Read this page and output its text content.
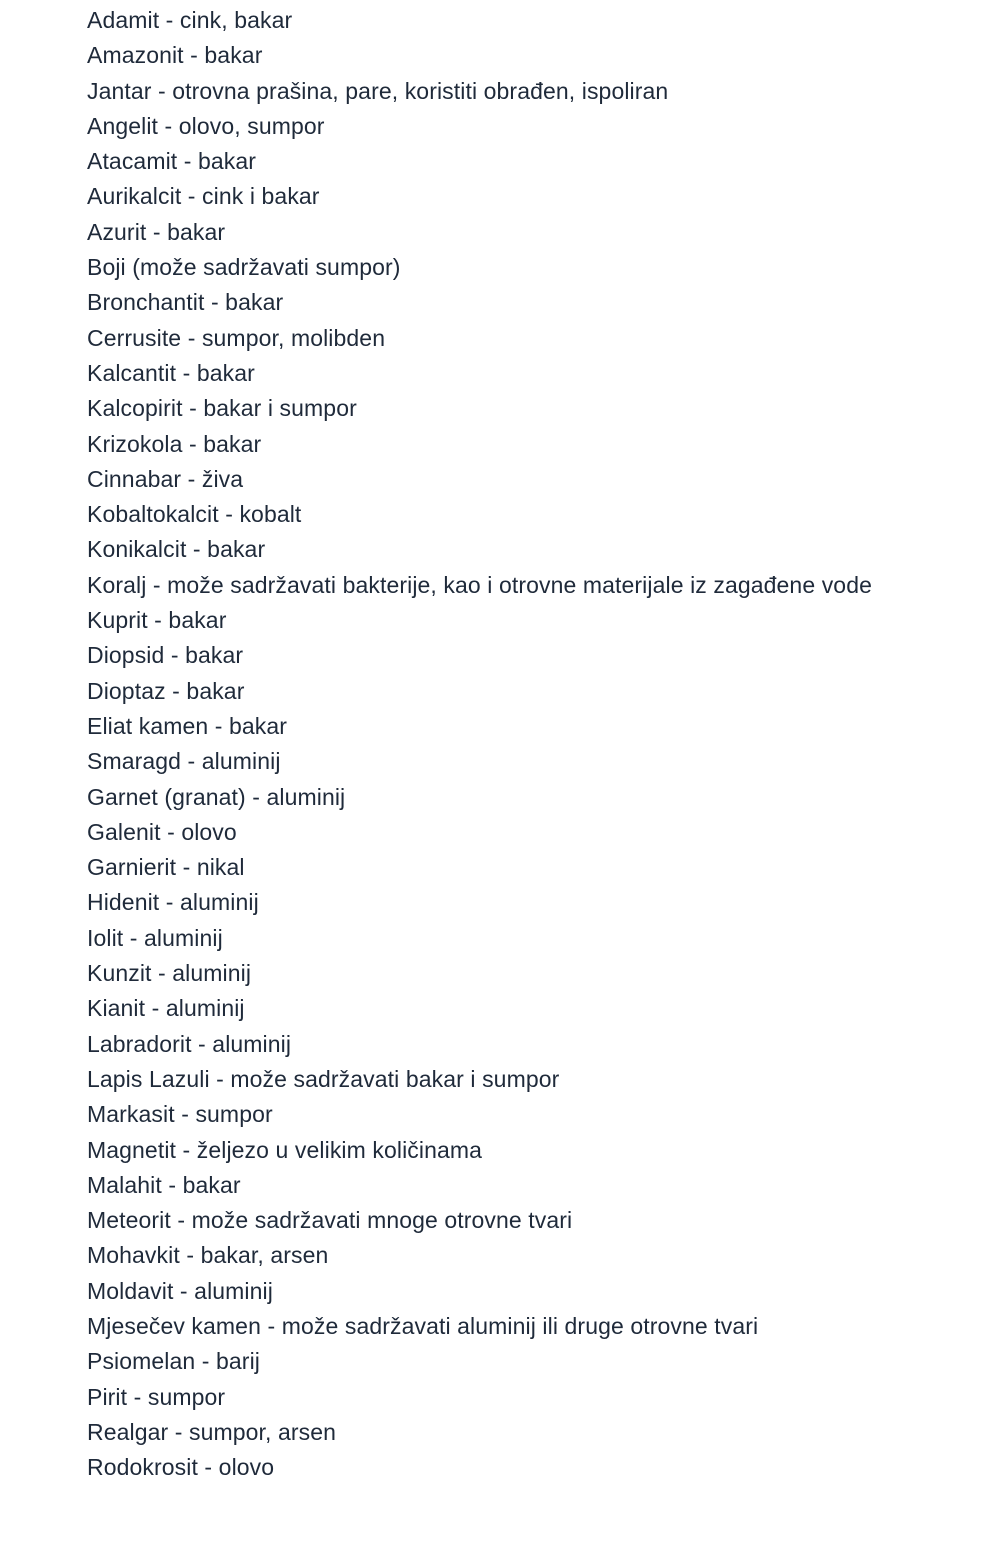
Adamit - cink, bakar
Amazonit - bakar
Jantar - otrovna prašina, pare, koristiti obrađen, ispoliran
Angelit - olovo, sumpor
Atacamit - bakar
Aurikalcit - cink i bakar
Azurit - bakar
Boji (može sadržavati sumpor)
Bronchantit - bakar
Cerrusite - sumpor, molibden
Kalcantit - bakar
Kalcopirit - bakar i sumpor
Krizokola - bakar
Cinnabar - živa
Kobaltokalcit - kobalt
Konikalcit - bakar
Koralj - može sadržavati bakterije, kao i otrovne materijale iz zagađene vode
Kuprit - bakar
Diopsid - bakar
Dioptaz - bakar
Eliat kamen - bakar
Smaragd - aluminij
Garnet (granat) - aluminij
Galenit - olovo
Garnierit - nikal
Hidenit - aluminij
Iolit - aluminij
Kunzit - aluminij
Kianit - aluminij
Labradorit - aluminij
Lapis Lazuli - može sadržavati bakar i sumpor
Markasit - sumpor
Magnetit - željezo u velikim količinama
Malahit - bakar
Meteorit - može sadržavati mnoge otrovne tvari
Mohavkit - bakar, arsen
Moldavit - aluminij
Mjesečev kamen - može sadržavati aluminij ili druge otrovne tvari
Psiomelan - barij
Pirit - sumpor
Realgar - sumpor, arsen
Rodokrosit - olovo
